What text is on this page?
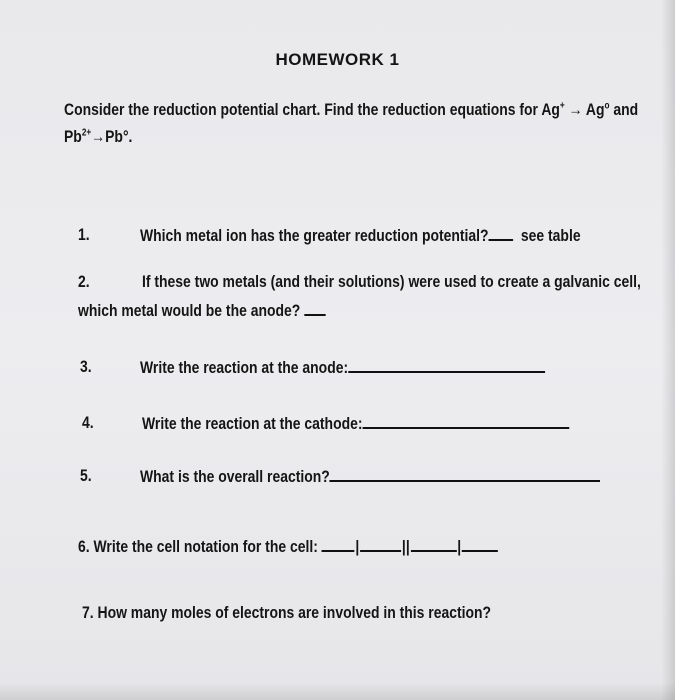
HOMEWORK 1
Consider the reduction potential chart. Find the reduction equations for $Ag^+ \to Ag^o$ and
$Pb^{2+}\to Pb^\circ$.
1.	Which metal ion has the greater reduction potential? see table
2.	If these two metals (and their solutions) were used to create a galvanic cell,
which metal would be the anode?
3.	Write the reaction at the anode:
4.	Write the reaction at the cathode:
5.	What is the overall reaction?
6. Write the cell notation for the cell: |	||	|
7. How many moles of electrons are involved in this reaction?
